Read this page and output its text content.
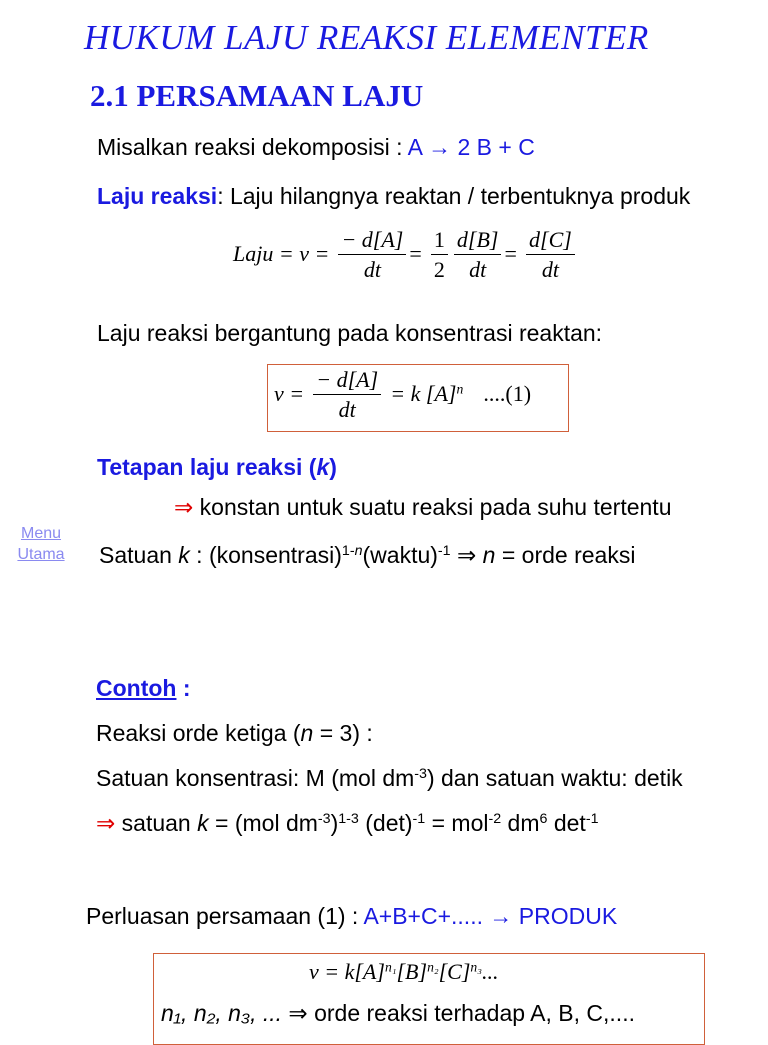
HUKUM LAJU REAKSI ELEMENTER
2.1 PERSAMAAN LAJU
Misalkan reaksi dekomposisi : A → 2 B + C
Laju reaksi: Laju hilangnya reaktan / terbentuknya produk
Laju = $v = \frac{- d[A]}{dt} = \frac{1}{2} \frac{d[B]}{dt} = \frac{d[C]}{dt}$
Laju reaksi bergantung pada konsentrasi reaktan:
$v = \frac{- d[A]}{dt} = k$ $[A]^n$ ....(1)
Tetapan laju reaksi (k)
⇒ konstan untuk suatu reaksi pada suhu tertentu
Menu
Utama Satuan k : (konsentrasi)$^{1-n}$(waktu)$^{-1}$ ⇒ n = orde reaksi
Contoh :
Reaksi orde ketiga (n = 3) :
Satuan konsentrasi: M (mol $dm^{-3}$) dan satuan waktu: detik
⇒ satuan k = (mol $dm^{-3})^{1-3}$ $(\det)^{-1} = mol^{-2}$ $dm^6$ $\det^{-1}$
Perluasan persamaan (1) : A+B+C+..... → PRODUK
$v = k[A]^{n_1}[B]^{n_2}[C]^{n_3}$...
n₁, n₂, n₃, ... ⇒ orde reaksi terhadap A, B, C,....
